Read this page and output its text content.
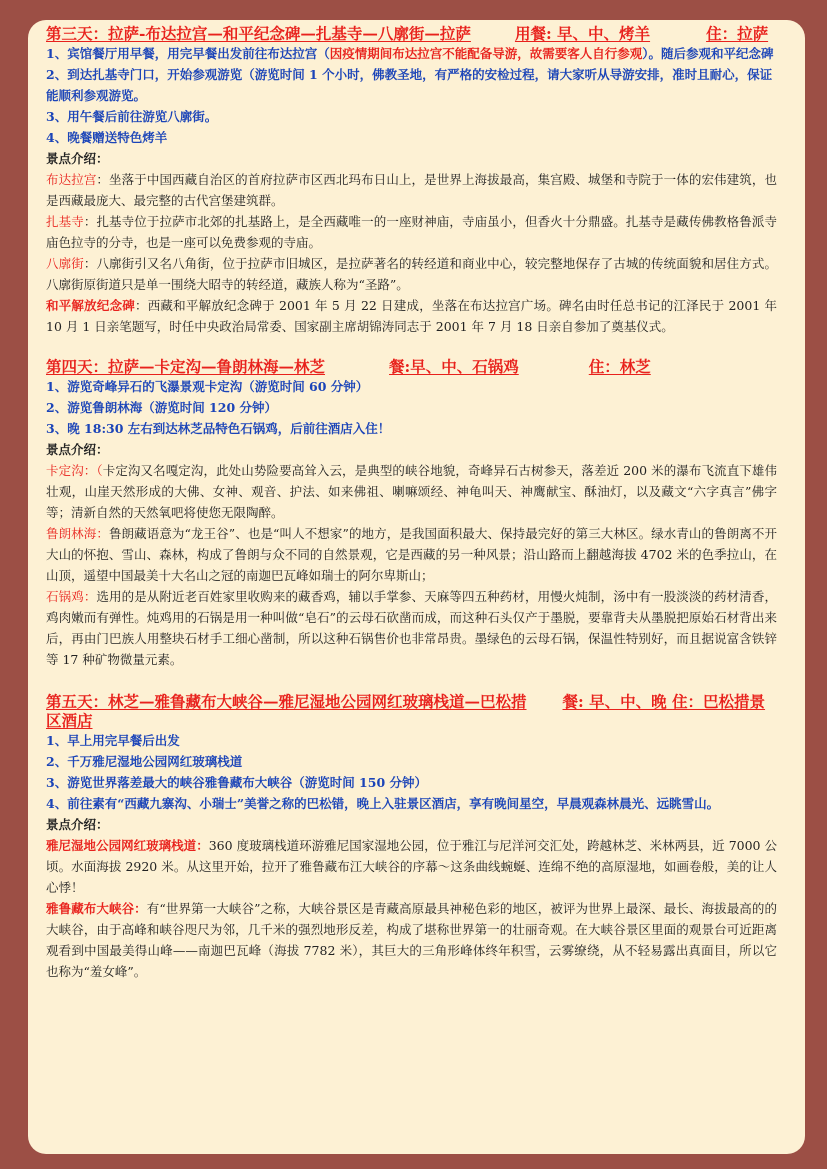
第三天：拉萨-布达拉宫—和平纪念碑—扎基寺—八廓街—拉萨	用餐: 早、中、烤羊	住：拉萨

1、宾馆餐厅用早餐，用完早餐出发前往布达拉宫（因疫情期间布达拉宫不能配备导游，故需要客人自行参观）。随后参观和平纪念碑

2、到达扎基寺门口，开始参观游览（游览时间 1 个小时，佛教圣地，有严格的安检过程，请大家听从导游安排，准时且耐心，保证能顺利参观游览。

3、用午餐后前往游览八廓街。

4、晚餐赠送特色烤羊

景点介绍：

布达拉宫：坐落于中国西藏自治区的首府拉萨市区西北玛布日山上，是世界上海拔最高，集宫殿、城堡和寺院于一体的宏伟建筑，也是西藏最庞大、最完整的古代宫堡建筑群。

扎基寺：扎基寺位于拉萨市北郊的扎基路上，是全西藏唯一的一座财神庙，寺庙虽小，但香火十分鼎盛。扎基寺是藏传佛教格鲁派寺庙色拉寺的分寺，也是一座可以免费参观的寺庙。

八廓街：八廓街引又名八角街，位于拉萨市旧城区，是拉萨著名的转经道和商业中心，较完整地保存了古城的传统面貌和居住方式。八廓街原街道只是单一围绕大昭寺的转经道，藏族人称为“圣路”。

和平解放纪念碑：西藏和平解放纪念碑于 2001 年 5 月 22 日建成，坐落在布达拉宫广场。碑名由时任总书记的江泽民于 2001 年 10 月 1 日亲笔题写，时任中央政治局常委、国家副主席胡锦涛同志于 2001 年 7 月 18 日亲自参加了奠基仪式。

第四天：拉萨—卡定沟—鲁朗林海—林芝	餐:早、中、石锅鸡	住：林芝

1、游览奇峰异石的飞瀑景观卡定沟（游览时间 60 分钟）

2、游览鲁朗林海（游览时间 120 分钟）

3、晚 18:30 左右到达林芝品特色石锅鸡，后前往酒店入住！

景点介绍：

卡定沟：（卡定沟又名嘎定沟，此处山势险要高耸入云，是典型的峡谷地貌，奇峰异石古树参天，落差近 200 米的瀑布飞流直下雄伟壮观，山崖天然形成的大佛、女神、观音、护法、如来佛祖、喇嘛颂经、神龟叫天、神鹰献宝、酥油灯，以及藏文“六字真言”佛字等；清新自然的天然氧吧将使您无限陶醉。

鲁朗林海：鲁朗藏语意为“龙王谷”、也是“叫人不想家”的地方，是我国面积最大、保持最完好的第三大林区。绿水青山的鲁朗离不开大山的怀抱、雪山、森林，构成了鲁朗与众不同的自然景观，它是西藏的另一种风景；沿山路而上翻越海拔 4702 米的色季拉山，在山顶，遥望中国最美十大名山之冠的南迦巴瓦峰如瑞士的阿尔卑斯山；

石锅鸡：选用的是从附近老百姓家里收购来的藏香鸡，辅以手掌参、天麻等四五种药材，用慢火炖制，汤中有一股淡淡的药材清香，鸡肉嫩而有弹性。炖鸡用的石锅是用一种叫做“皂石”的云母石砍凿而成，而这种石头仅产于墨脱，要靠背夫从墨脱把原始石材背出来后，再由门巴族人用整块石材手工细心凿制，所以这种石锅售价也非常昂贵。墨绿色的云母石锅，保温性特别好，而且据说富含铁锌等 17 种矿物微量元素。

第五天：林芝—雅鲁藏布大峡谷—雅尼湿地公园网红玻璃栈道—巴松措 餐: 早、中、晚 住：巴松措景区酒店

1、早上用完早餐后出发

2、千万雅尼湿地公园网红玻璃栈道

3、游览世界落差最大的峡谷雅鲁藏布大峡谷（游览时间 150 分钟）

4、前往素有“西藏九寨沟、小瑞士”美誉之称的巴松错，晚上入驻景区酒店，享有晚间星空，早晨观森林晨光、远眺雪山。

景点介绍：

雅尼湿地公园网红玻璃栈道：360 度玻璃栈道环游雅尼国家湿地公园，位于雅江与尼洋河交汇处，跨越林芝、米林两县，近 7000 公顷。水面海拔 2920 米。从这里开始，拉开了雅鲁藏布江大峡谷的序幕～这条曲线蜿蜒、连绵不绝的高原湿地，如画卷般，美的让人心悸！

雅鲁藏布大峡谷：有“世界第一大峡谷”之称，大峡谷景区是青藏高原最具神秘色彩的地区，被评为世界上最深、最长、海拔最高的的大峡谷，由于高峰和峡谷咫尺为邻，几千米的强烈地形反差，构成了堪称世界第一的壮丽奇观。在大峡谷景区里面的观景台可近距离观看到中国最美得山峰——南迦巴瓦峰（海拔 7782 米），其巨大的三角形峰体终年积雪，云雾缭绕，从不轻易露出真面目，所以它也称为“羞女峰”。
